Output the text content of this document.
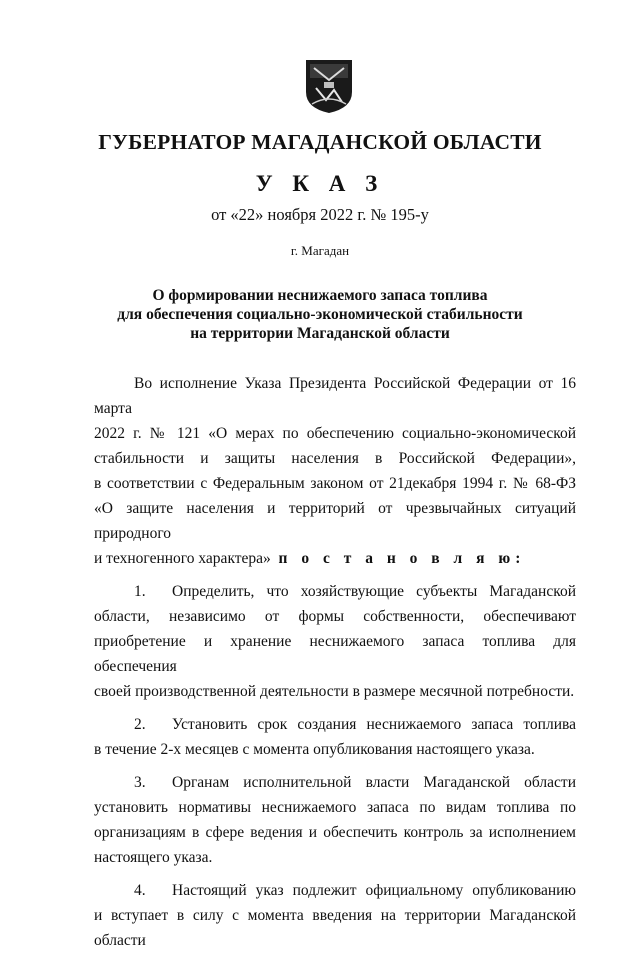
ГУБЕРНАТОР МАГАДАНСКОЙ ОБЛАСТИ
У К А З
от «22» ноября 2022 г. № 195-у
г. Магадан
О формировании неснижаемого запаса топлива
для обеспечения социально-экономической стабильности
на территории Магаданской области

Во исполнение Указа Президента Российской Федерации от 16 марта

2022 г. № 121 «О мерах по обеспечению социально-экономической

стабильности и защиты населения в Российской Федерации»,

в соответствии с Федеральным законом от 21декабря 1994 г. № 68-ФЗ

«О защите населения и территорий от чрезвычайных ситуаций природного

и техногенного характера» п о с т а н о в л я ю:

1. Определить, что хозяйствующие субъекты Магаданской

области, независимо от формы собственности, обеспечивают

приобретение и хранение неснижаемого запаса топлива для обеспечения

своей производственной деятельности в размере месячной потребности.

2. Установить срок создания неснижаемого запаса топлива

в течение 2-х месяцев с момента опубликования настоящего указа.

3. Органам исполнительной власти Магаданской области

установить нормативы неснижаемого запаса по видам топлива по

организациям в сфере ведения и обеспечить контроль за исполнением

настоящего указа.

4. Настоящий указ подлежит официальному опубликованию

и вступает в силу с момента введения на территории Магаданской области
